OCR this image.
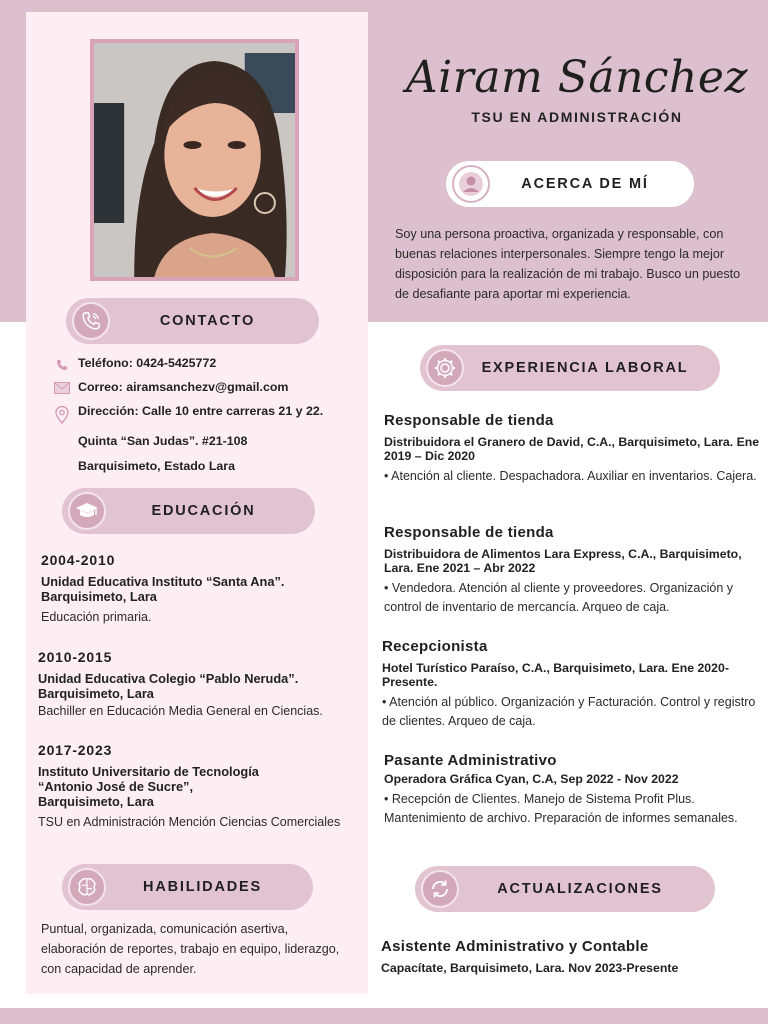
Airam Sánchez
TSU EN ADMINISTRACIÓN
ACERCA DE MÍ
Soy una persona proactiva, organizada y responsable, con buenas relaciones interpersonales. Siempre tengo la mejor disposición para la realización de mi trabajo. Busco un puesto de desafiante para aportar mi experiencia.
CONTACTO
Teléfono: 0424-5425772
Correo: airamsanchezv@gmail.com
Dirección: Calle 10 entre carreras 21 y 22.
Quinta “San Judas”. #21-108
Barquisimeto, Estado Lara
EDUCACIÓN
2004-2010
Unidad Educativa Instituto “Santa Ana”.
Barquisimeto, Lara
Educación primaria.
2010-2015
Unidad Educativa Colegio “Pablo Neruda”.
Barquisimeto, Lara
Bachiller en Educación Media General en Ciencias.
2017-2023
Instituto Universitario de Tecnología
“Antonio José de Sucre”,
Barquisimeto, Lara
TSU en Administración Mención Ciencias Comerciales
HABILIDADES
Puntual, organizada, comunicación asertiva, elaboración de reportes, trabajo en equipo, liderazgo, con capacidad de aprender.
EXPERIENCIA LABORAL
Responsable de tienda
Distribuidora el Granero de David, C.A., Barquisimeto, Lara. Ene 2019 – Dic 2020
• Atención al cliente. Despachadora. Auxiliar en inventarios. Cajera.
Responsable de tienda
Distribuidora de Alimentos Lara Express, C.A., Barquisimeto, Lara. Ene 2021 – Abr 2022
• Vendedora. Atención al cliente y proveedores. Organización y control de inventario de mercancía. Arqueo de caja.
Recepcionista
Hotel Turístico Paraíso, C.A., Barquisimeto, Lara. Ene 2020-Presente.
• Atención al público. Organización y Facturación. Control y registro de clientes. Arqueo de caja.
Pasante Administrativo
Operadora Gráfica Cyan, C.A, Sep 2022 - Nov 2022
• Recepción de Clientes. Manejo de Sistema Profit Plus. Mantenimiento de archivo. Preparación de informes semanales.
ACTUALIZACIONES
Asistente Administrativo y Contable
Capacítate, Barquisimeto, Lara. Nov 2023-Presente
